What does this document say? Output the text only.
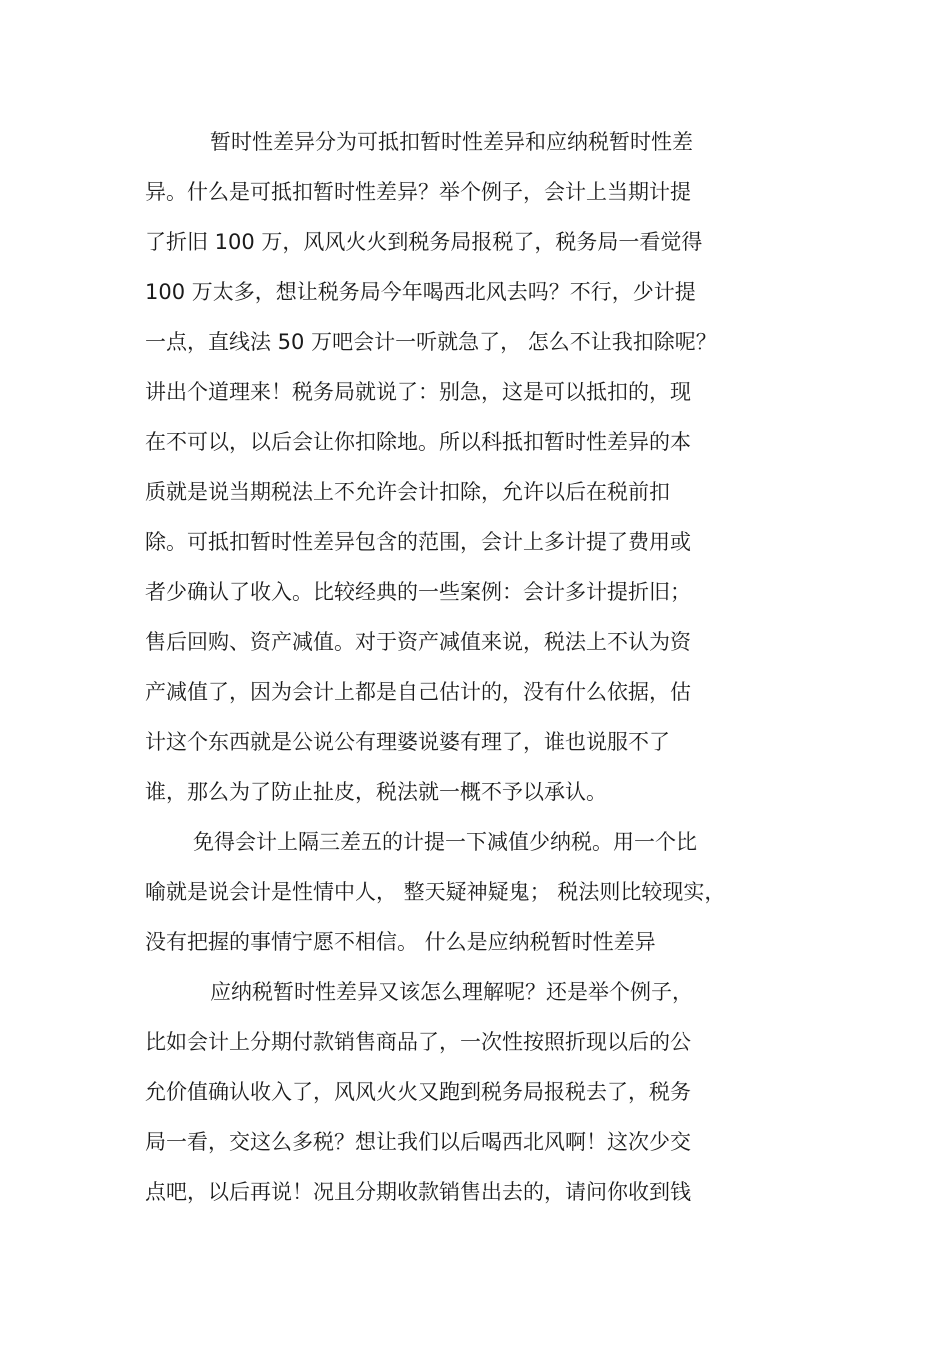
暂时性差异分为可抵扣暂时性差异和应纳税暂时性差

异。什么是可抵扣暂时性差异？举个例子，会计上当期计提

了折旧 100 万，风风火火到税务局报税了，税务局一看觉得

100 万太多，想让税务局今年喝西北风去吗？不行，少计提

一点，直线法 50 万吧会计一听就急了， 怎么不让我扣除呢？

讲出个道理来！税务局就说了：别急，这是可以抵扣的，现

在不可以，以后会让你扣除地。所以科抵扣暂时性差异的本

质就是说当期税法上不允许会计扣除，允许以后在税前扣

除。可抵扣暂时性差异包含的范围，会计上多计提了费用或

者少确认了收入。比较经典的一些案例：会计多计提折旧；

售后回购、资产减值。对于资产减值来说，税法上不认为资

产减值了，因为会计上都是自己估计的，没有什么依据，估

计这个东西就是公说公有理婆说婆有理了，谁也说服不了

谁，那么为了防止扯皮，税法就一概不予以承认。

免得会计上隔三差五的计提一下减值少纳税。用一个比

喻就是说会计是性情中人， 整天疑神疑鬼； 税法则比较现实，

没有把握的事情宁愿不相信。 什么是应纳税暂时性差异

应纳税暂时性差异又该怎么理解呢？还是举个例子，

比如会计上分期付款销售商品了，一次性按照折现以后的公

允价值确认收入了，风风火火又跑到税务局报税去了，税务

局一看，交这么多税？想让我们以后喝西北风啊！这次少交

点吧，以后再说！况且分期收款销售出去的，请问你收到钱
